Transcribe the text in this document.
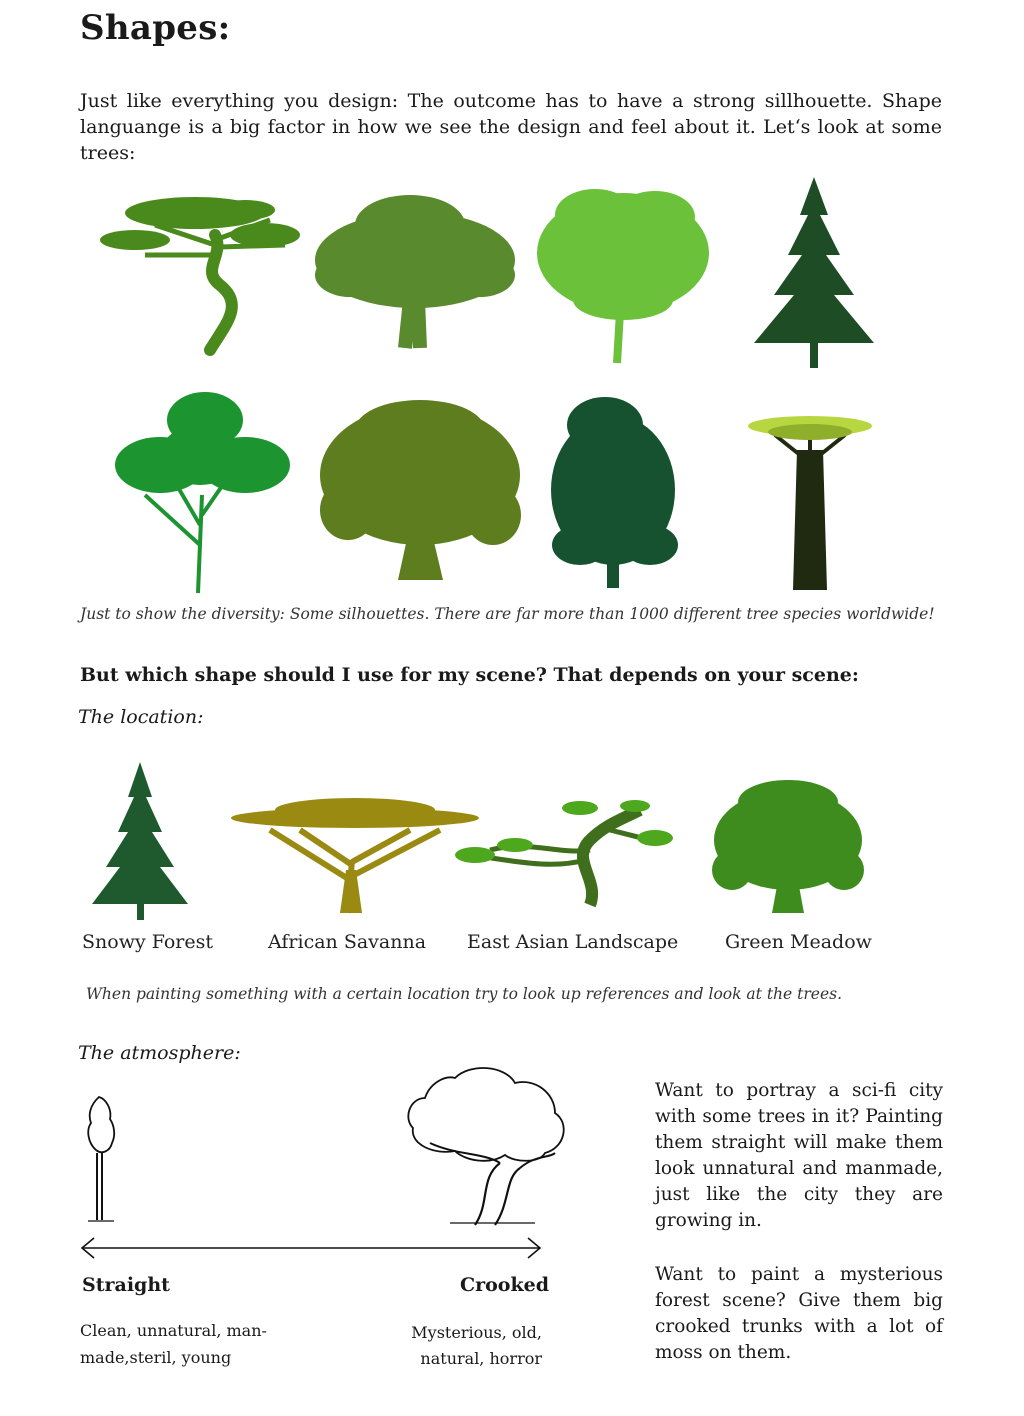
Shapes:
Just like everything you design: The outcome has to have a strong sillhouette. Shape languange is a big factor in how we see the design and feel about it. Let‘s look at some trees:
Just to show the diversity: Some silhouettes. There are far more than 1000 different tree species worldwide!
But which shape should I use for my scene? That depends on your scene:
The location:
Snowy Forest	African Savanna East Asian Landscape Green Meadow
When painting something with a certain location try to look up references and look at the trees.
The atmosphere:
Straight	Crooked
Clean, unnatural, man-
made,steril, young
Mysterious, old,
natural, horror
Want to portray a sci-fi city with some trees in it? Painting them straight will make them look unnatural and manmade, just like the city they are growing in.
Want to paint a mysterious forest scene? Give them big crooked trunks with a lot of moss on them.
